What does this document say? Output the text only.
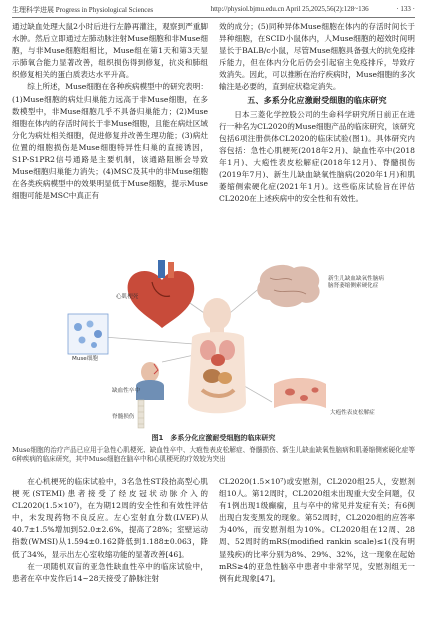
生理科学进展 Progress in Physiological Sciences	http://physiol.bjmu.edu.cn April 25,2025,56(2):128~136	· 133 ·

通过缺血处理大鼠2小时后进行左静再灌注，观察到严重脚水肿。然后立即通过左肺动脉注射Muse细胞和非Muse细胞，与非Muse细胞组相比，Muse组在第1天和第3天显示肺氧合能力显著改善，组织损伤得到修复，抗炎和肺组织修复相关的蛋白质表达水平升高。

综上所述，Muse细胞在各种疾病模型中的研究表明：(1)Muse细胞的病灶归巢能力远高于非Muse细胞，在多数模型中，非Muse细胞几乎不具备归巢能力；(2)Muse细胞在体内的存活时间长于非Muse细胞，且能在病灶区域分化为病灶相关细胞，促进修复并改善生理功能；(3)病灶位置的细胞损伤是Muse细胞特异性归巢的直接诱因，S1P-S1PR2信号通路是主要机制，该通路阻断会导致Muse细胞归巢能力消失；(4)MSC及其中的非Muse细胞在各类疾病模型中的效果明显低于Muse细胞，提示Muse细胞可能是MSC中真正有

效的成分；(5)同种异体Muse细胞在体内的存活时间长于异种细胞，在SCID小鼠体内，人Muse细胞的超效时间明显长于BALB/c小鼠，尽管Muse细胞具备强大的抗免疫排斥能力，但在体内分化后仍会引起宿主免疫排斥，导致疗效消失。因此，可以推断在治疗疾病时，Muse细胞的多次输注是必要的，直到症状稳定消失。

五、多系分化应激耐受细胞的临床研究

日本三菱化学控股公司的生命科学研究所日前正在进行一种名为CL2020的Muse细胞产品的临床研究，该研究包括6项注册供体CL2020的临床试验(图1)。具体研究内容包括：急性心肌梗死(2018年2月)、缺血性卒中(2018年1月)、大疱性表皮松解症(2018年12月)、脊髓损伤(2019年7月)、新生儿缺血缺氧性脑病(2020年1月)和肌萎缩侧索硬化症(2021年1月)。这些临床试验旨在评估CL2020在上述疾病中的安全性和有效性。

心肌梗死
Muse细胞
新生儿缺血缺氧性脑病
脑肾萎缩侧索硬化症
缺血性卒中
脊髓损伤
大疱性表皮松解症
图1　多系分化应激耐受细胞的临床研究
Muse细胞的治疗产品已应用于急性心肌梗死、缺血性卒中、大疱性表皮松解症、脊髓损伤、新生儿缺血缺氧性脑病和肌萎缩侧索硬化症等6种疾病的临床研究，其中Muse细胞在脑卒中和心肌梗死的疗效较为突出

在心机梗死的临床试验中，3名急性ST段抬高型心肌梗死(STEMI)患者接受了经皮冠状动脉介入的CL2020(1.5×10⁷)，在为期12周的安全性和有效性评估中，未发现药物不良反应。左心室射血分数(LVEF)从40.7±1.5%增加到52.0±2.6%，提高了28%；室壁运动指数(WMSI)从1.594±0.162降低到1.188±0.063，降低了34%，显示出左心室收缩功能的显著改善[46]。

在一项随机双盲的亚急性缺血性卒中的临床试验中，患者在卒中发作后14~28天接受了静脉注射

CL2020(1.5×10⁷)或安慰剂，CL2020组25人，安慰剂组10人。第12周时，CL2020组未出现重大安全问题，仅有1例出现1级癫痫，且与卒中的常见并发症有关；有6例出现白发变黑发的现象。第52周时，CL2020组的应答率为40%，而安慰剂组为10%。CL2020组在12周、28周、52周时的mRS(modified rankin scale)≤1(没有明显残疾)的比率分别为8%、29%、32%，这一现象在起始mRS≥4的亚急性脑卒中患者中非常罕见，安慰剂组无一例有此现象[47]。
